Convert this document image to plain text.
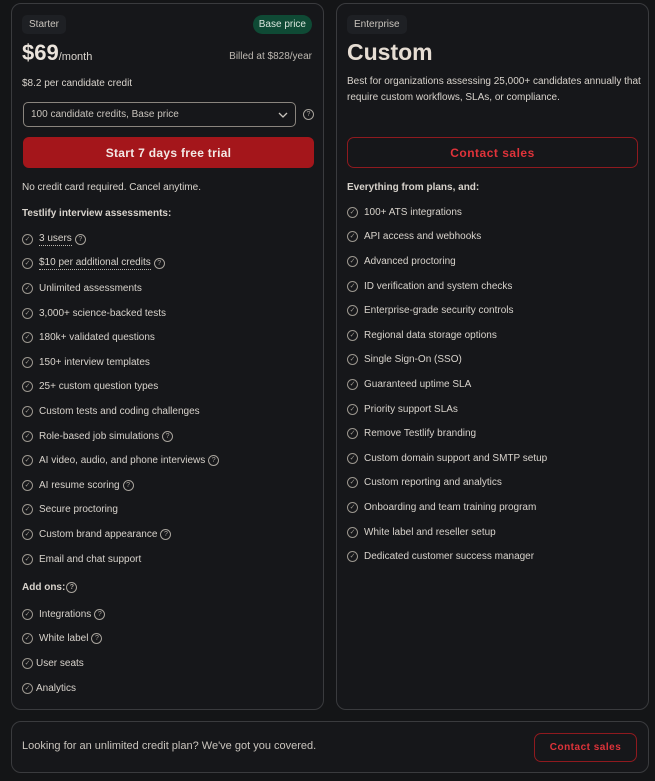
Starter	Base price
$69/month	Billed at $828/year
$8.2 per candidate credit
100 candidate credits, Base price	?
Start 7 days free trial
No credit card required. Cancel anytime.
Testlify interview assessments:
✓ 3 users ?
✓ $10 per additional credits ?
✓ Unlimited assessments
✓ 3,000+ science-backed tests
✓ 180k+ validated questions
✓ 150+ interview templates
✓ 25+ custom question types
✓ Custom tests and coding challenges
✓ Role-based job simulations ?
✓ AI video, audio, and phone interviews ?
✓ AI resume scoring ?
✓ Secure proctoring
✓ Custom brand appearance ?
✓ Email and chat support
Add ons: ?
✓ Integrations ?
✓ White label ?
✓ User seats
✓ Analytics
Enterprise
Custom
Best for organizations assessing 25,000+ candidates annually that require custom workflows, SLAs, or compliance.
Contact sales
Everything from plans, and:
✓ 100+ ATS integrations
✓ API access and webhooks
✓ Advanced proctoring
✓ ID verification and system checks
✓ Enterprise-grade security controls
✓ Regional data storage options
✓ Single Sign-On (SSO)
✓ Guaranteed uptime SLA
✓ Priority support SLAs
✓ Remove Testlify branding
✓ Custom domain support and SMTP setup
✓ Custom reporting and analytics
✓ Onboarding and team training program
✓ White label and reseller setup
✓ Dedicated customer success manager
Looking for an unlimited credit plan? We've got you covered.	Contact sales
